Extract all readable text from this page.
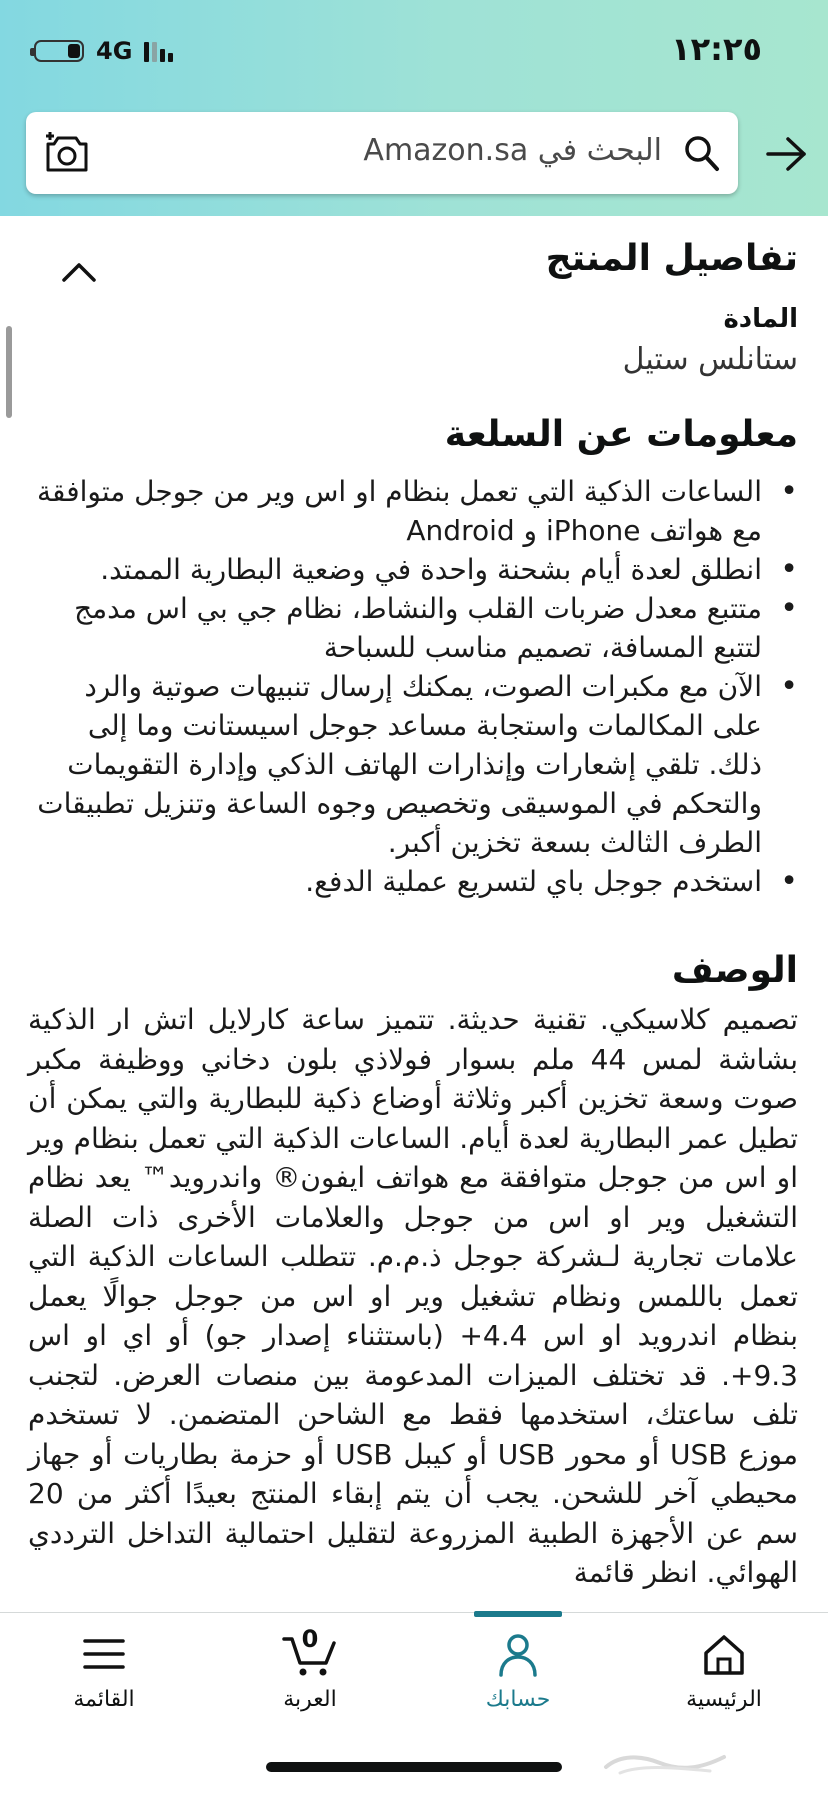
4G	١٢:٢٥
البحث في Amazon.sa
تفاصيل المنتج
المادة
ستانلس ستيل
معلومات عن السلعة
• الساعات الذكية التي تعمل بنظام او اس وير من جوجل متوافقة مع هواتف iPhone و Android
• انطلق لعدة أيام بشحنة واحدة في وضعية البطارية الممتد.
• متتبع معدل ضربات القلب والنشاط، نظام جي بي اس مدمج لتتبع المسافة، تصميم مناسب للسباحة
• الآن مع مكبرات الصوت، يمكنك إرسال تنبيهات صوتية والرد على المكالمات واستجابة مساعد جوجل اسيستانت وما إلى ذلك. تلقي إشعارات وإنذارات الهاتف الذكي وإدارة التقويمات والتحكم في الموسيقى وتخصيص وجوه الساعة وتنزيل تطبيقات الطرف الثالث بسعة تخزين أكبر.
• استخدم جوجل باي لتسريع عملية الدفع.
الوصف
تصميم كلاسيكي. تقنية حديثة. تتميز ساعة كارلايل اتش ار الذكية بشاشة لمس 44 ملم بسوار فولاذي بلون دخاني ووظيفة مكبر صوت وسعة تخزين أكبر وثلاثة أوضاع ذكية للبطارية والتي يمكن أن تطيل عمر البطارية لعدة أيام. الساعات الذكية التي تعمل بنظام وير او اس من جوجل متوافقة مع هواتف ايفون® واندرويد™ يعد نظام التشغيل وير او اس من جوجل والعلامات الأخرى ذات الصلة علامات تجارية لـشركة جوجل ذ.م.م. تتطلب الساعات الذكية التي تعمل باللمس ونظام تشغيل وير او اس من جوجل جوالًا يعمل بنظام اندرويد او اس 4.4+ (باستثناء إصدار جو) أو اي او اس 9.3+. قد تختلف الميزات المدعومة بين منصات العرض. لتجنب تلف ساعتك، استخدمها فقط مع الشاحن المتضمن. لا تستخدم موزع USB أو محور USB أو كيبل USB أو حزمة بطاريات أو جهاز محيطي آخر للشحن. يجب أن يتم إبقاء المنتج بعيدًا أكثر من 20 سم عن الأجهزة الطبية المزروعة لتقليل احتمالية التداخل الترددي الهوائي. انظر قائمة
القائمة
0
العربة	حسابك	الرئيسية
